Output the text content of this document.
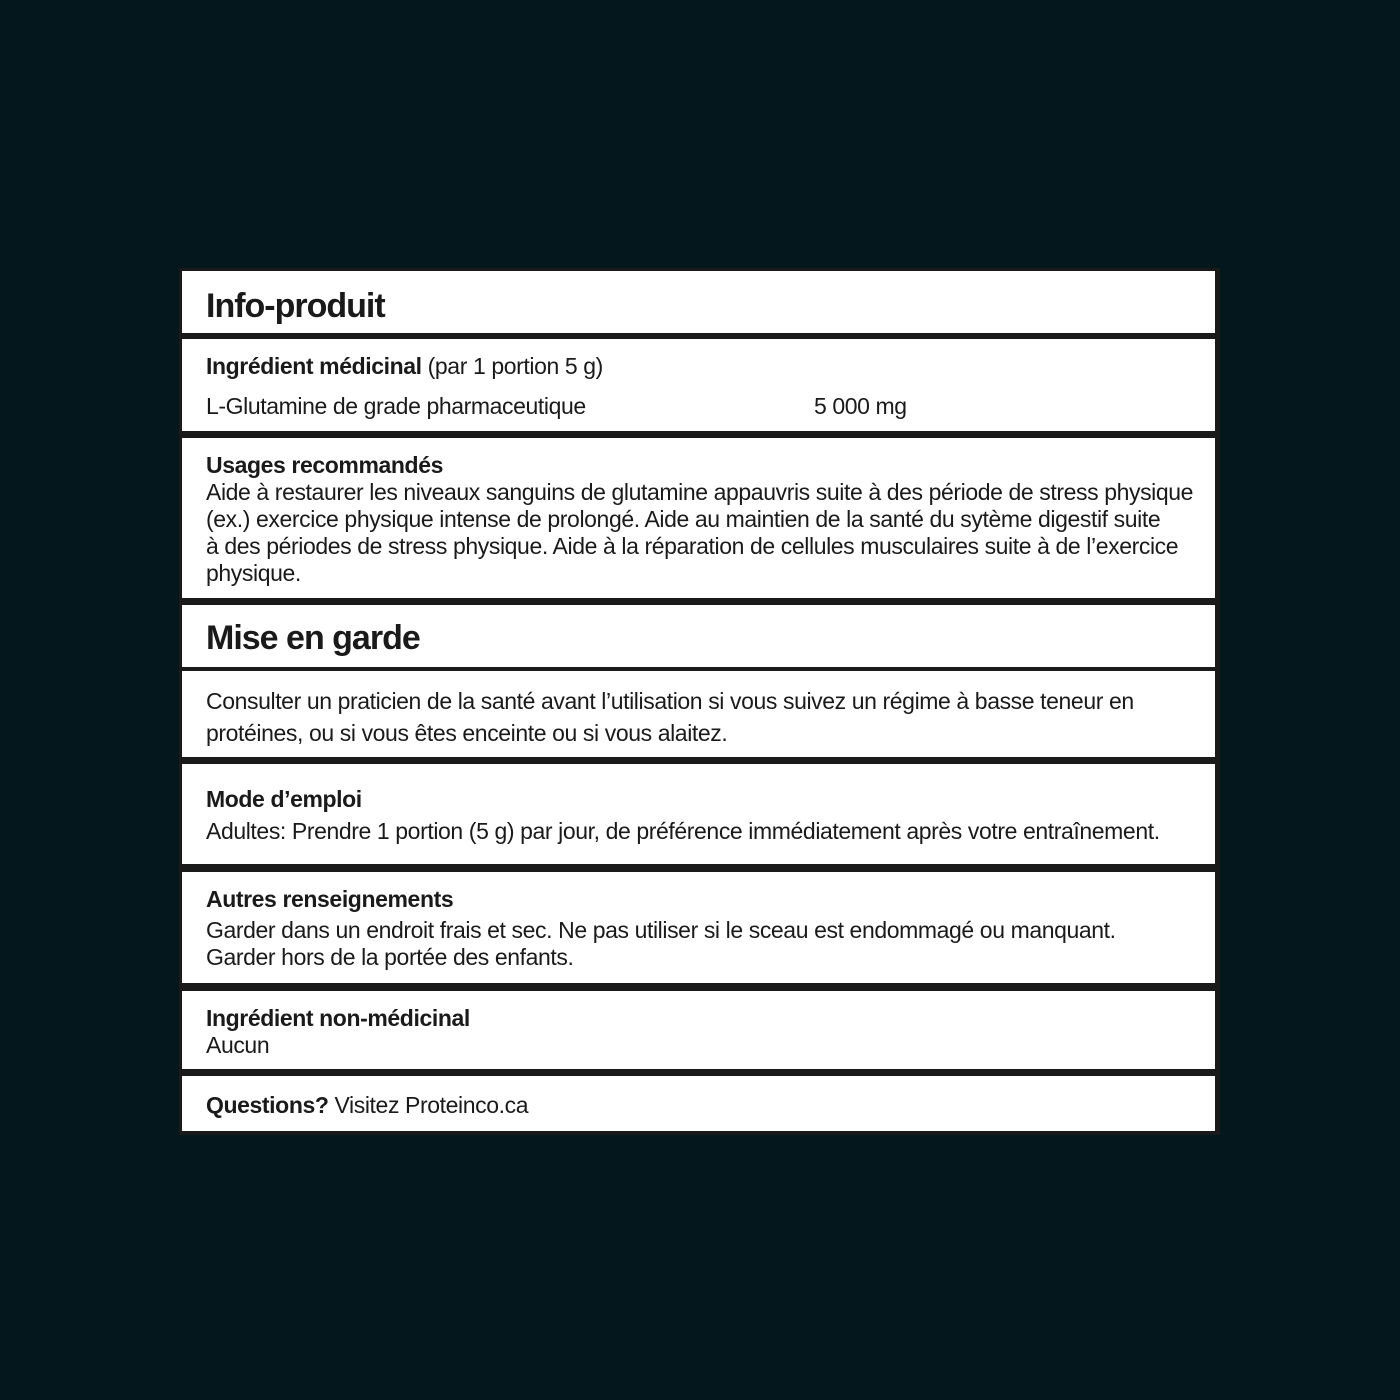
Info-produit
Ingrédient médicinal (par 1 portion 5 g)
L-Glutamine de grade pharmaceutique	5 000 mg
Usages recommandés
Aide à restaurer les niveaux sanguins de glutamine appauvris suite à des période de stress physique
(ex.) exercice physique intense de prolongé. Aide au maintien de la santé du sytème digestif suite
à des périodes de stress physique. Aide à la réparation de cellules musculaires suite à de l’exercice
physique.
Mise en garde
Consulter un praticien de la santé avant l’utilisation si vous suivez un régime à basse teneur en
protéines, ou si vous êtes enceinte ou si vous alaitez.
Mode d’emploi
Adultes: Prendre 1 portion (5 g) par jour, de préférence immédiatement après votre entraînement.
Autres renseignements
Garder dans un endroit frais et sec. Ne pas utiliser si le sceau est endommagé ou manquant.
Garder hors de la portée des enfants.
Ingrédient non-médicinal
Aucun
Questions? Visitez Proteinco.ca
